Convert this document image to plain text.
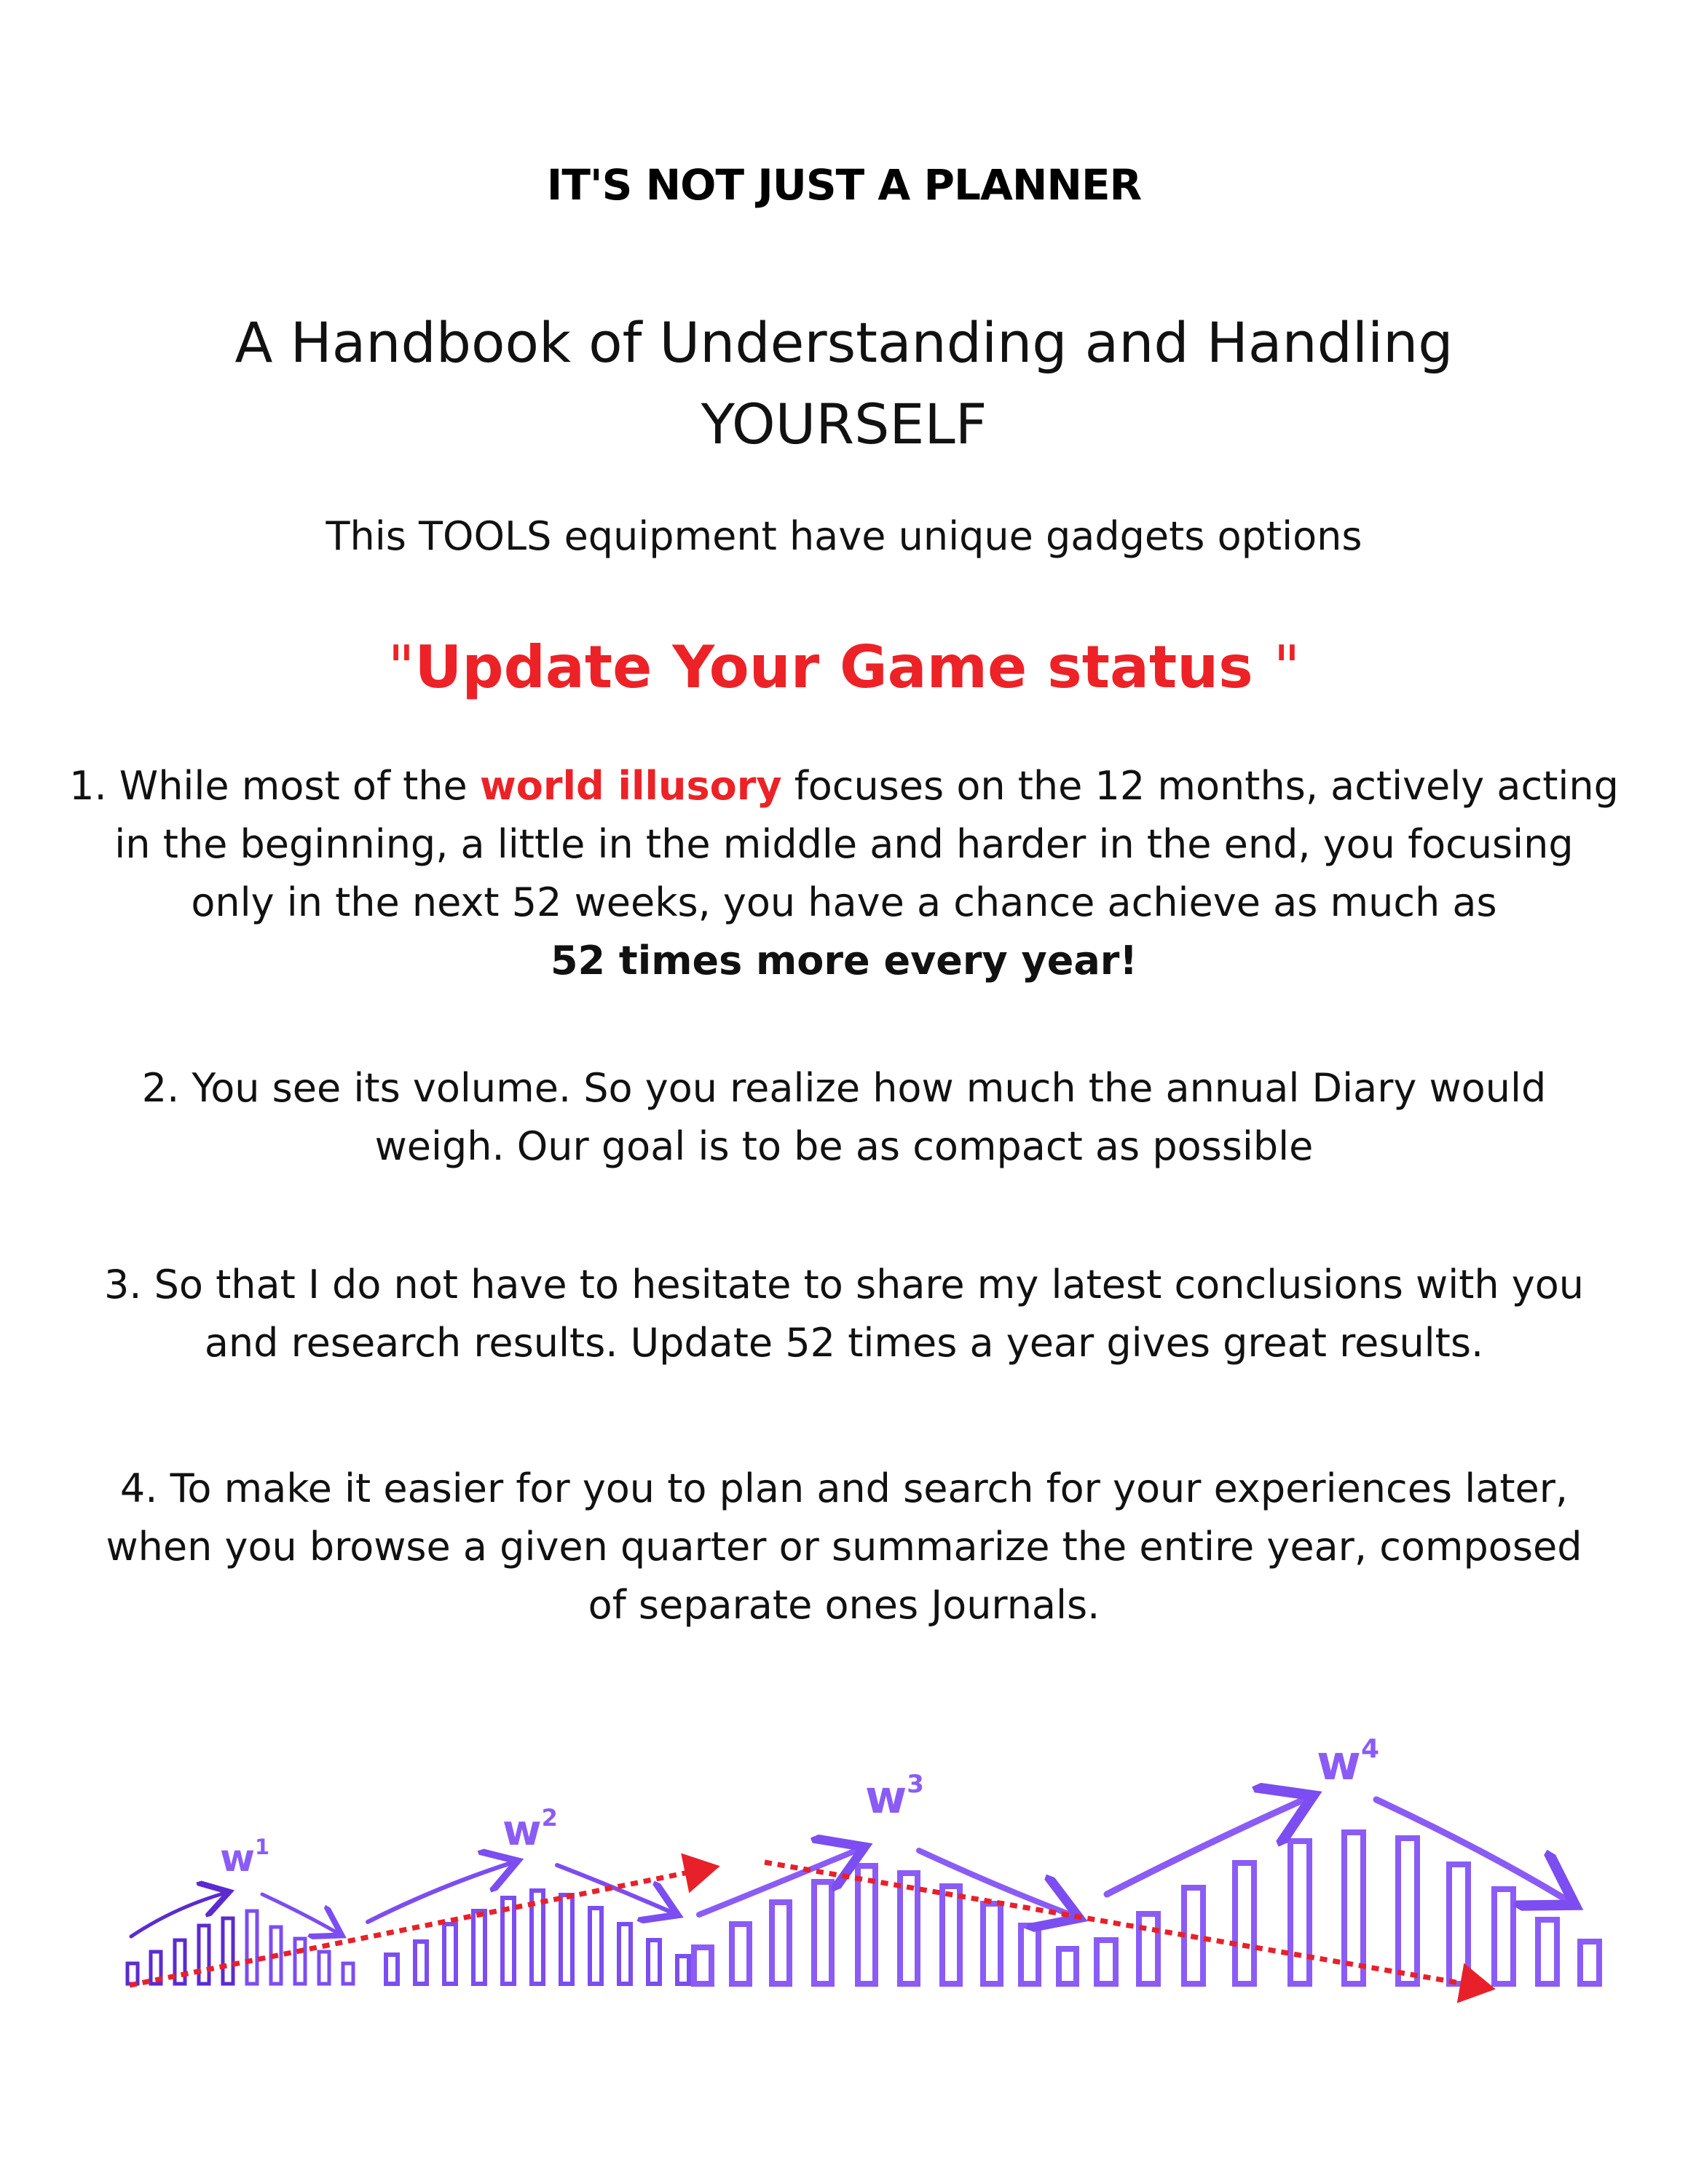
IT'S NOT JUST A PLANNER
A Handbook of Understanding and Handling
YOURSELF

This TOOLS equipment have unique gadgets options

"Update Your Game status "

1. While most of the world illusory focuses on the 12 months, actively acting
in the beginning, a little in the middle and harder in the end, you focusing
only in the next 52 weeks, you have a chance achieve as much as
52 times more every year!

2. You see its volume. So you realize how much the annual Diary would
weigh. Our goal is to be as compact as possible

3. So that I do not have to hesitate to share my latest conclusions with you
and research results. Update 52 times a year gives great results.

4. To make it easier for you to plan and search for your experiences later,
when you browse a given quarter or summarize the entire year, composed
of separate ones Journals.

$w^1$	$w^2$	$w^3$	$w^4$
